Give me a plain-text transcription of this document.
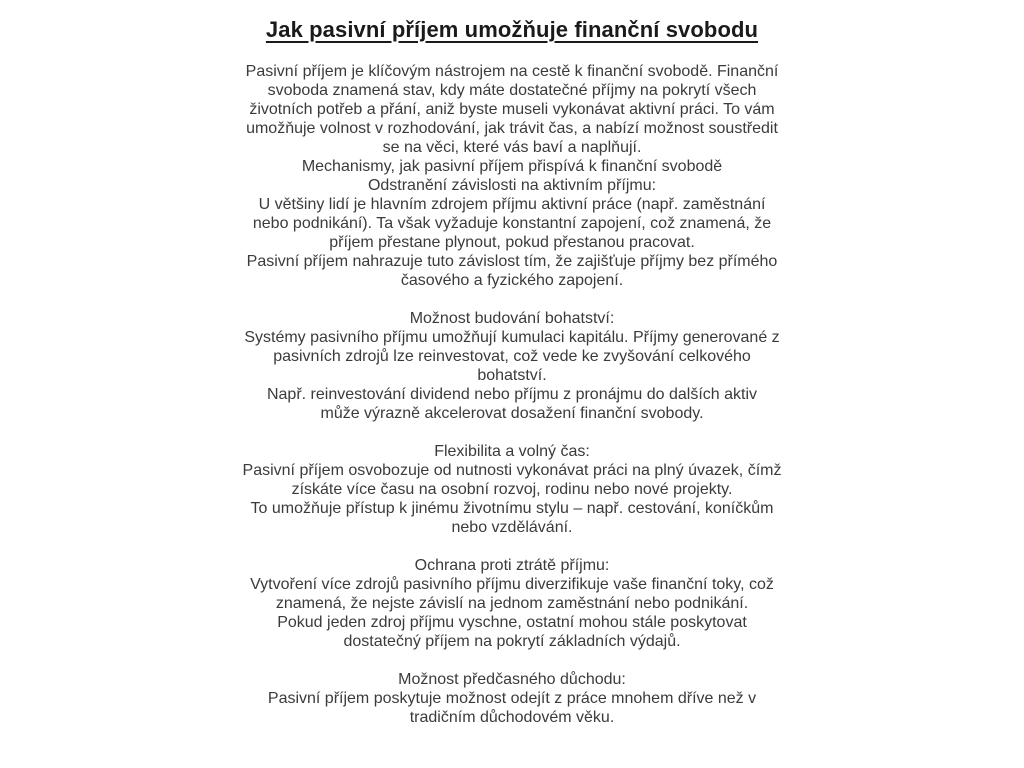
Jak pasivní příjem umožňuje finanční svobodu

Pasivní příjem je klíčovým nástrojem na cestě k finanční svobodě. Finanční
svoboda znamená stav, kdy máte dostatečné příjmy na pokrytí všech
životních potřeb a přání, aniž byste museli vykonávat aktivní práci. To vám
umožňuje volnost v rozhodování, jak trávit čas, a nabízí možnost soustředit
se na věci, které vás baví a naplňují.
Mechanismy, jak pasivní příjem přispívá k finanční svobodě
Odstranění závislosti na aktivním příjmu:
U většiny lidí je hlavním zdrojem příjmu aktivní práce (např. zaměstnání
nebo podnikání). Ta však vyžaduje konstantní zapojení, což znamená, že
příjem přestane plynout, pokud přestanou pracovat.
Pasivní příjem nahrazuje tuto závislost tím, že zajišťuje příjmy bez přímého
časového a fyzického zapojení.

Možnost budování bohatství:
Systémy pasivního příjmu umožňují kumulaci kapitálu. Příjmy generované z
pasivních zdrojů lze reinvestovat, což vede ke zvyšování celkového
bohatství.
Např. reinvestování dividend nebo příjmu z pronájmu do dalších aktiv
může výrazně akcelerovat dosažení finanční svobody.

Flexibilita a volný čas:
Pasivní příjem osvobozuje od nutnosti vykonávat práci na plný úvazek, čímž
získáte více času na osobní rozvoj, rodinu nebo nové projekty.
To umožňuje přístup k jinému životnímu stylu – např. cestování, koníčkům
nebo vzdělávání.

Ochrana proti ztrátě příjmu:
Vytvoření více zdrojů pasivního příjmu diverzifikuje vaše finanční toky, což
znamená, že nejste závislí na jednom zaměstnání nebo podnikání.
Pokud jeden zdroj příjmu vyschne, ostatní mohou stále poskytovat
dostatečný příjem na pokrytí základních výdajů.

Možnost předčasného důchodu:
Pasivní příjem poskytuje možnost odejít z práce mnohem dříve než v
tradičním důchodovém věku.
